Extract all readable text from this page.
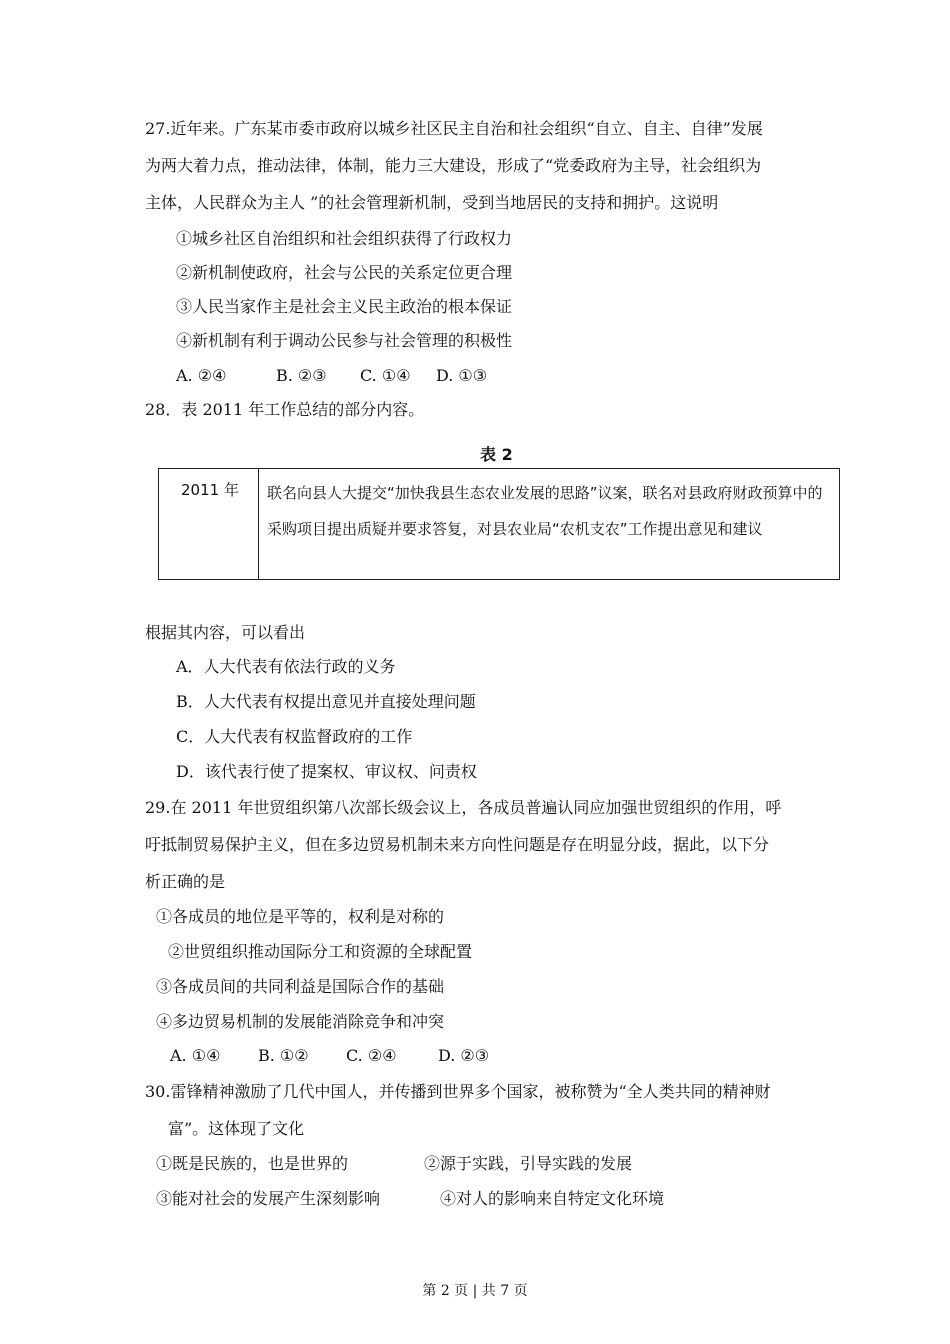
27.近年来。广东某市委市政府以城乡社区民主自治和社会组织“自立、自主、自律”发展
为两大着力点，推动法律，体制，能力三大建设，形成了“党委政府为主导，社会组织为
主体，人民群众为主人 ”的社会管理新机制，受到当地居民的支持和拥护。这说明
①城乡社区自治组织和社会组织获得了行政权力
②新机制使政府，社会与公民的关系定位更合理
③人民当家作主是社会主义民主政治的根本保证
④新机制有利于调动公民参与社会管理的积极性
A. ②④	B. ②③ C. ①④ D. ①③
28．表 2011 年工作总结的部分内容。
表 2
2011 年	联名向县人大提交“加快我县生态农业发展的思路”议案，联名对县政府财政预算中的采购项目提出质疑并要求答复，对县农业局“农机支农”工作提出意见和建议
根据其内容，可以看出
A．人大代表有依法行政的义务
B．人大代表有权提出意见并直接处理问题
C．人大代表有权监督政府的工作
D．该代表行使了提案权、审议权、问责权
29.在 2011 年世贸组织第八次部长级会议上，各成员普遍认同应加强世贸组织的作用，呼
吁抵制贸易保护主义，但在多边贸易机制未来方向性问题是存在明显分歧，据此，以下分
析正确的是
①各成员的地位是平等的，权利是对称的
②世贸组织推动国际分工和资源的全球配置
③各成员间的共同利益是国际合作的基础
④多边贸易机制的发展能消除竞争和冲突
A. ①④ B. ①② C. ②④	D. ②③
30.雷锋精神激励了几代中国人，并传播到世界多个国家，被称赞为“全人类共同的精神财
富”。这体现了文化
①既是民族的，也是世界的	②源于实践，引导实践的发展
③能对社会的发展产生深刻影响	④对人的影响来自特定文化环境
第 2 页 | 共 7 页
